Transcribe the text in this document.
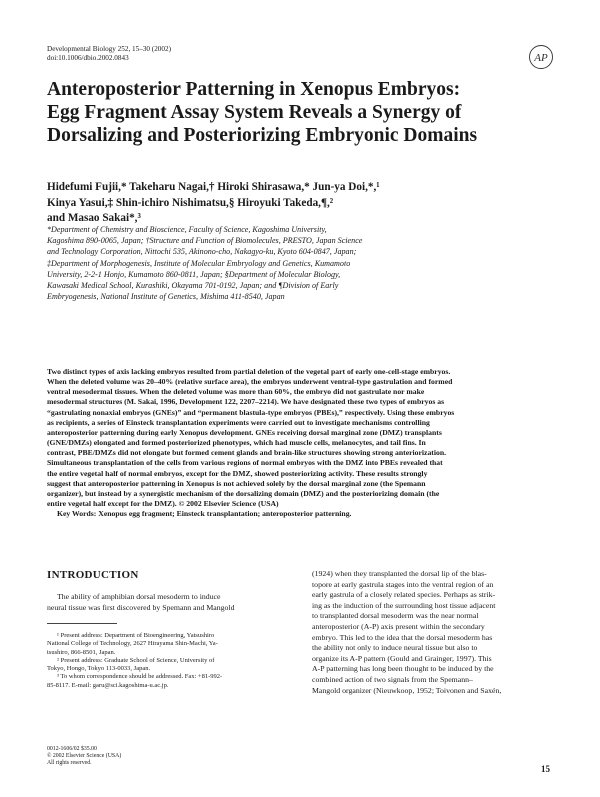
Developmental Biology 252, 15–30 (2002)
doi:10.1006/dbio.2002.0843	AP
Anteroposterior Patterning in Xenopus Embryos:
Egg Fragment Assay System Reveals a Synergy of
Dorsalizing and Posteriorizing Embryonic Domains
Hidefumi Fujii,* Takeharu Nagai,† Hiroki Shirasawa,* Jun-ya Doi,*,¹
Kinya Yasui,‡ Shin-ichiro Nishimatsu,§ Hiroyuki Takeda,¶,²
and Masao Sakai*,³
*Department of Chemistry and Bioscience, Faculty of Science, Kagoshima University,
Kagoshima 890-0065, Japan; †Structure and Function of Biomolecules, PRESTO, Japan Science
and Technology Corporation, Nittochi 535, Akinono-cho, Nakagyo-ku, Kyoto 604-0847, Japan;
‡Department of Morphogenesis, Institute of Molecular Embryology and Genetics, Kumamoto
University, 2-2-1 Honjo, Kumamoto 860-0811, Japan; §Department of Molecular Biology,
Kawasaki Medical School, Kurashiki, Okayama 701-0192, Japan; and ¶Division of Early
Embryogenesis, National Institute of Genetics, Mishima 411-8540, Japan
Two distinct types of axis lacking embryos resulted from partial deletion of the vegetal part of early one-cell-stage embryos.
When the deleted volume was 20–40% (relative surface area), the embryos underwent ventral-type gastrulation and formed
ventral mesodermal tissues. When the deleted volume was more than 60%, the embryo did not gastrulate nor make
mesodermal structures (M. Sakai, 1996, Development 122, 2207–2214). We have designated these two types of embryos as
“gastrulating nonaxial embryos (GNEs)” and “permanent blastula-type embryos (PBEs),” respectively. Using these embryos
as recipients, a series of Einsteck transplantation experiments were carried out to investigate mechanisms controlling
anteroposterior patterning during early Xenopus development. GNEs receiving dorsal marginal zone (DMZ) transplants
(GNE/DMZs) elongated and formed posteriorized phenotypes, which had muscle cells, melanocytes, and tail fins. In
contrast, PBE/DMZs did not elongate but formed cement glands and brain-like structures showing strong anteriorization.
Simultaneous transplantation of the cells from various regions of normal embryos with the DMZ into PBEs revealed that
the entire vegetal half of normal embryos, except for the DMZ, showed posteriorizing activity. These results strongly
suggest that anteroposterior patterning in Xenopus is not achieved solely by the dorsal marginal zone (the Spemann
organizer), but instead by a synergistic mechanism of the dorsalizing domain (DMZ) and the posteriorizing domain (the
entire vegetal half except for the DMZ). © 2002 Elsevier Science (USA)
Key Words: Xenopus egg fragment; Einsteck transplantation; anteroposterior patterning.
INTRODUCTION
The ability of amphibian dorsal mesoderm to induce
neural tissue was first discovered by Spemann and Mangold
(1924) when they transplanted the dorsal lip of the blas-
topore at early gastrula stages into the ventral region of an
early gastrula of a closely related species. Perhaps as strik-
ing as the induction of the surrounding host tissue adjacent
to transplanted dorsal mesoderm was the near normal
anteroposterior (A-P) axis present within the secondary
embryo. This led to the idea that the dorsal mesoderm has
the ability not only to induce neural tissue but also to
organize its A-P pattern (Gould and Grainger, 1997). This
A-P patterning has long been thought to be induced by the
combined action of two signals from the Spemann–
Mangold organizer (Nieuwkoop, 1952; Toivonen and Saxén,
¹ Present address: Department of Bioengineering, Yatsushiro
National College of Technology, 2627 Hirayama Shin-Machi, Ya-
tsushiro, 866-8501, Japan.
² Present address: Graduate School of Science, University of
Tokyo, Hongo, Tokyo 113-0033, Japan.
³ To whom correspondence should be addressed. Fax: +81-992-
85-8117. E-mail: garu@sci.kagoshima-u.ac.jp.
0012-1606/02 $35.00
© 2002 Elsevier Science (USA)
All rights reserved.
15
